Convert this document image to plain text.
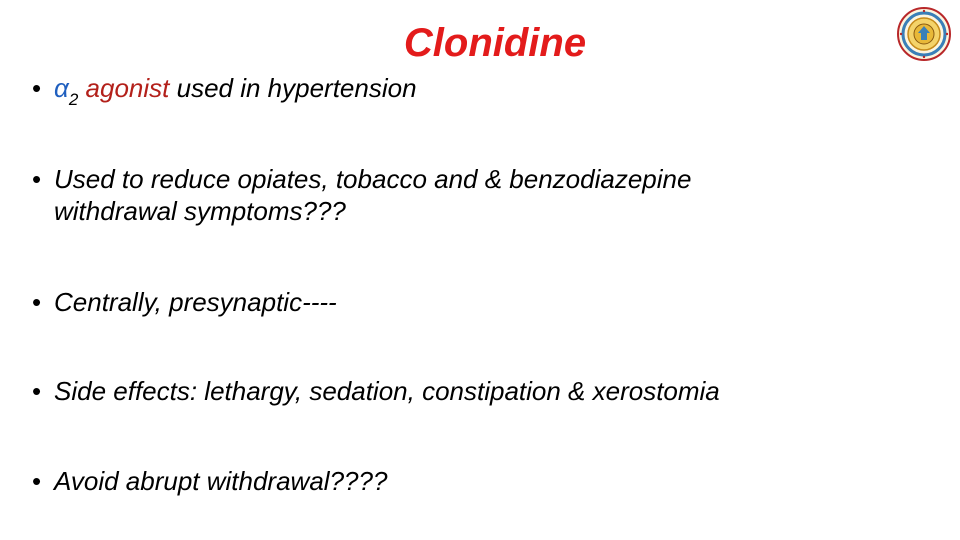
Clonidine

• $\alpha_2$ agonist used in hypertension

• Used to reduce opiates, tobacco and & benzodiazepine
withdrawal symptoms???

• Centrally, presynaptic----

• Side effects: lethargy, sedation, constipation & xerostomia

• Avoid abrupt withdrawal????
